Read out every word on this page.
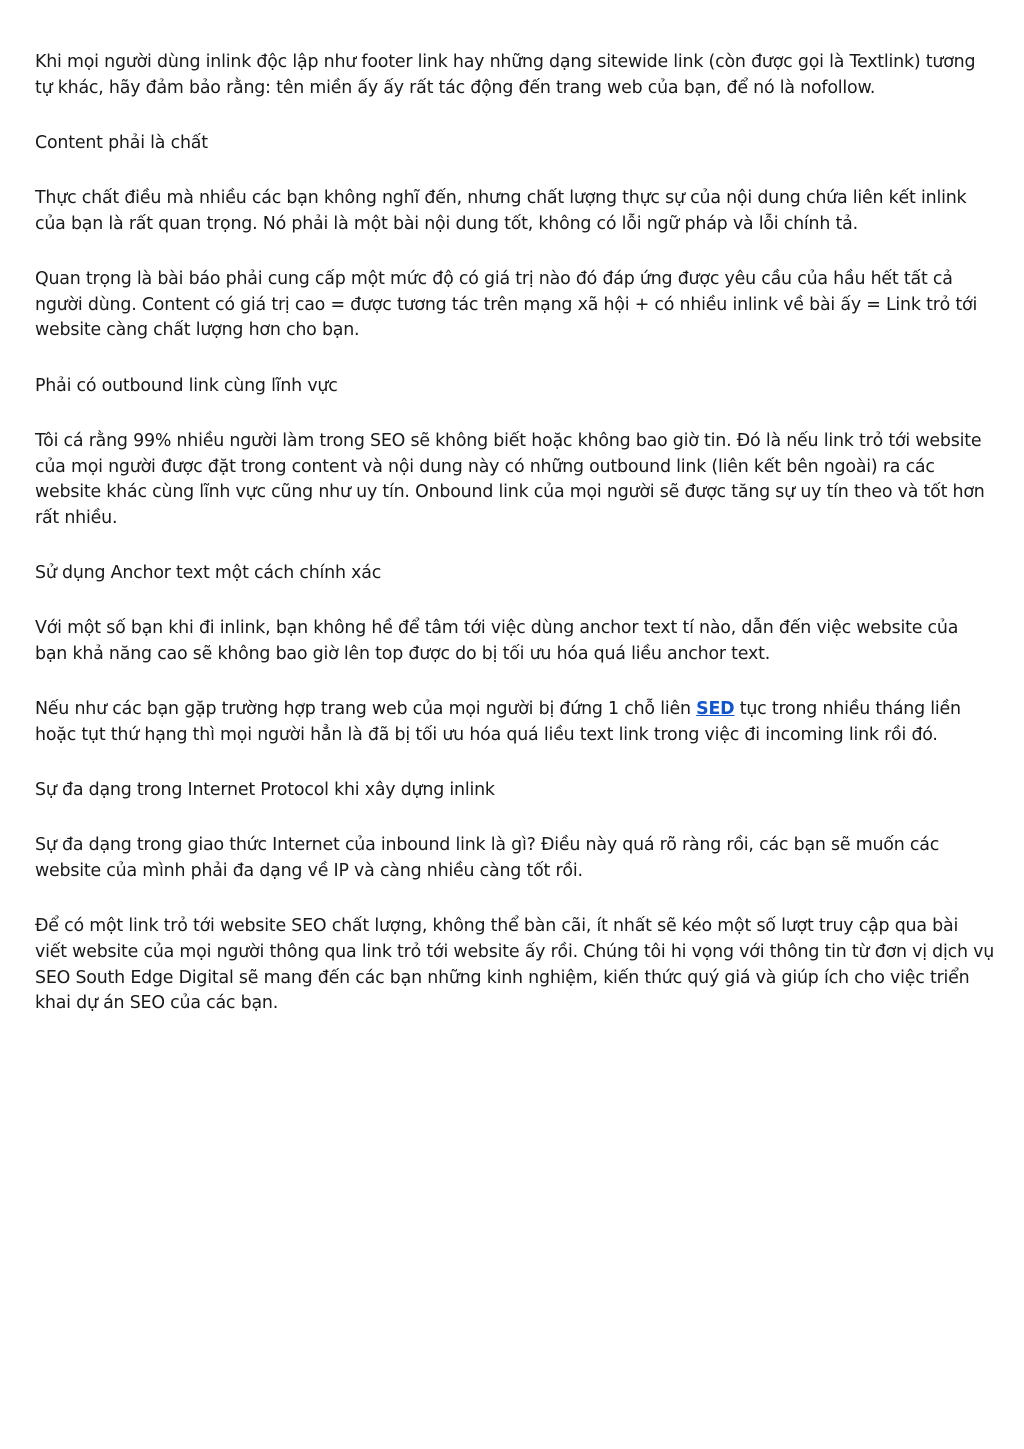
Khi mọi người dùng inlink độc lập như footer link hay những dạng sitewide link (còn được gọi là Textlink) tương tự khác, hãy đảm bảo rằng: tên miền ấy ấy rất tác động đến trang web của bạn, để nó là nofollow.

Content phải là chất

Thực chất điều mà nhiều các bạn không nghĩ đến, nhưng chất lượng thực sự của nội dung chứa liên kết inlink của bạn là rất quan trọng. Nó phải là một bài nội dung tốt, không có lỗi ngữ pháp và lỗi chính tả.

Quan trọng là bài báo phải cung cấp một mức độ có giá trị nào đó đáp ứng được yêu cầu của hầu hết tất cả người dùng. Content có giá trị cao = được tương tác trên mạng xã hội + có nhiều inlink về bài ấy = Link trỏ tới website càng chất lượng hơn cho bạn.

Phải có outbound link cùng lĩnh vực

Tôi cá rằng 99% nhiều người làm trong SEO sẽ không biết hoặc không bao giờ tin. Đó là nếu link trỏ tới website của mọi người được đặt trong content và nội dung này có những outbound link (liên kết bên ngoài) ra các website khác cùng lĩnh vực cũng như uy tín. Onbound link của mọi người sẽ được tăng sự uy tín theo và tốt hơn rất nhiều.

Sử dụng Anchor text một cách chính xác

Với một số bạn khi đi inlink, bạn không hề để tâm tới việc dùng anchor text tí nào, dẫn đến việc website của bạn khả năng cao sẽ không bao giờ lên top được do bị tối ưu hóa quá liều anchor text.

Nếu như các bạn gặp trường hợp trang web của mọi người bị đứng 1 chỗ liên SED tục trong nhiều tháng liền hoặc tụt thứ hạng thì mọi người hẳn là đã bị tối ưu hóa quá liều text link trong việc đi incoming link rồi đó.

Sự đa dạng trong Internet Protocol khi xây dựng inlink

Sự đa dạng trong giao thức Internet của inbound link là gì? Điều này quá rõ ràng rồi, các bạn sẽ muốn các website của mình phải đa dạng về IP và càng nhiều càng tốt rồi.

Để có một link trỏ tới website SEO chất lượng, không thể bàn cãi, ít nhất sẽ kéo một số lượt truy cập qua bài viết website của mọi người thông qua link trỏ tới website ấy rồi. Chúng tôi hi vọng với thông tin từ đơn vị dịch vụ SEO South Edge Digital sẽ mang đến các bạn những kinh nghiệm, kiến thức quý giá và giúp ích cho việc triển khai dự án SEO của các bạn.
